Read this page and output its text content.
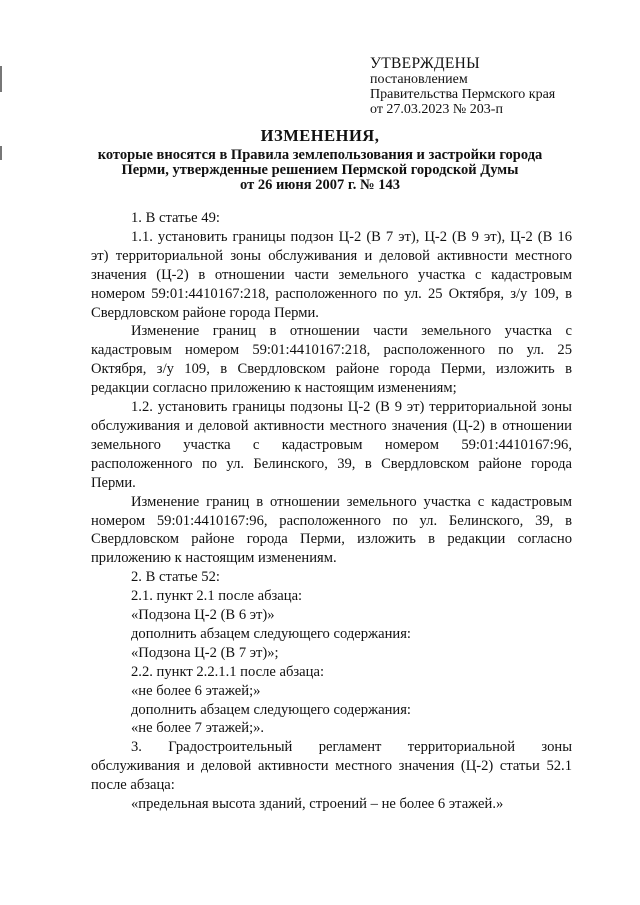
УТВЕРЖДЕНЫ
постановлением
Правительства Пермского края
от 27.03.2023 № 203-п
ИЗМЕНЕНИЯ,
которые вносятся в Правила землепользования и застройки города
Перми, утвержденные решением Пермской городской Думы
от 26 июня 2007 г. № 143

1. В статье 49:

1.1. установить границы подзон Ц-2 (В 7 эт), Ц-2 (В 9 эт), Ц-2 (В 16 эт) территориальной зоны обслуживания и деловой активности местного значения (Ц-2) в отношении части земельного участка с кадастровым номером 59:01:4410167:218, расположенного по ул. 25 Октября, з/у 109, в Свердловском районе города Перми.

Изменение границ в отношении части земельного участка с кадастровым номером 59:01:4410167:218, расположенного по ул. 25 Октября, з/у 109, в Свердловском районе города Перми, изложить в редакции согласно приложению к настоящим изменениям;

1.2. установить границы подзоны Ц-2 (В 9 эт) территориальной зоны обслуживания и деловой активности местного значения (Ц-2) в отношении земельного участка с кадастровым номером 59:01:4410167:96, расположенного по ул. Белинского, 39, в Свердловском районе города Перми.

Изменение границ в отношении земельного участка с кадастровым номером 59:01:4410167:96, расположенного по ул. Белинского, 39, в Свердловском районе города Перми, изложить в редакции согласно приложению к настоящим изменениям.

2. В статье 52:

2.1. пункт 2.1 после абзаца:

«Подзона Ц-2 (В 6 эт)»

дополнить абзацем следующего содержания:

«Подзона Ц-2 (В 7 эт)»;

2.2. пункт 2.2.1.1 после абзаца:

«не более 6 этажей;»

дополнить абзацем следующего содержания:

«не более 7 этажей;».

3. Градостроительный регламент территориальной зоны обслуживания и деловой активности местного значения (Ц-2) статьи 52.1 после абзаца:

«предельная высота зданий, строений – не более 6 этажей.»
